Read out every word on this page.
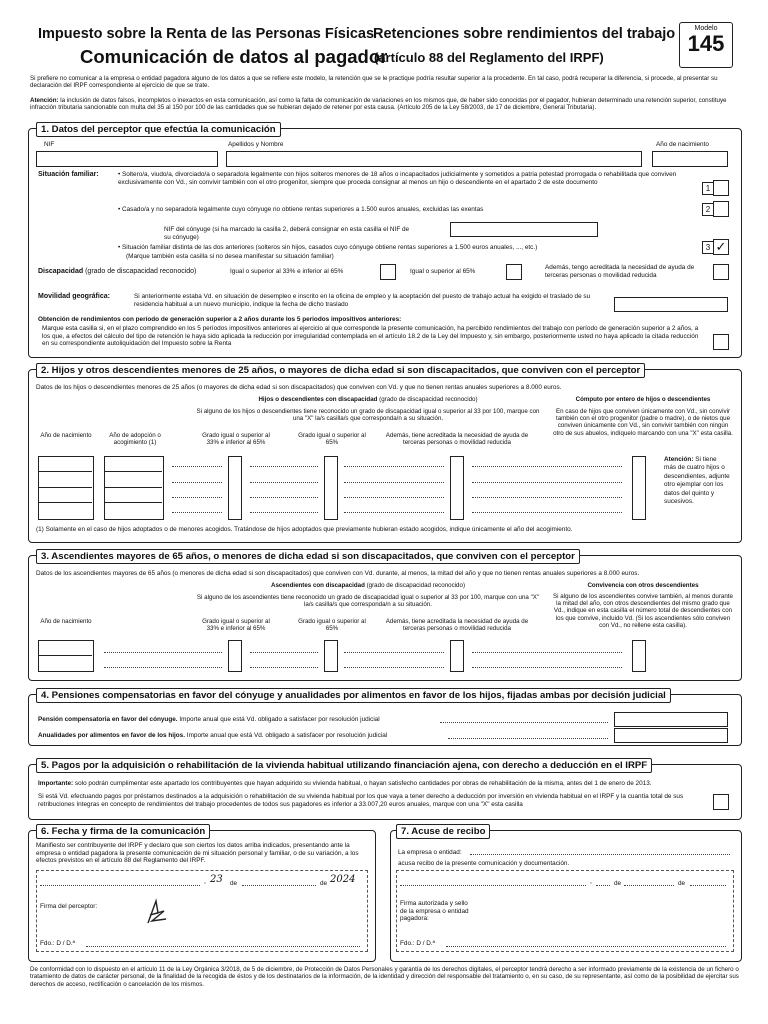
Impuesto sobre la Renta de las Personas Físicas
Retenciones sobre rendimientos del trabajo
Comunicación de datos al pagador
(artículo 88 del Reglamento del IRPF)
Modelo
145
Si prefiere no comunicar a la empresa o entidad pagadora alguno de los datos a que se refiere este modelo, la retención que se le practique podría resultar superior a la procedente. En tal caso, podrá recuperar la diferencia, si procede, al presentar su declaración del IRPF correspondiente al ejercicio de que se trate.
Atención: la inclusión de datos falsos, incompletos o inexactos en esta comunicación, así como la falta de comunicación de variaciones en los mismos que, de haber sido conocidas por el pagador, hubieran determinado una retención superior, constituye infracción tributaria sancionable con multa del 35 al 150 por 100 de las cantidades que se hubieran dejado de retener por esta causa. (Artículo 205 de la Ley 58/2003, de 17 de diciembre, General Tributaria).
1. Datos del perceptor que efectúa la comunicación
NIF	Apellidos y Nombre	Año de nacimiento
Situación familiar:
•	Soltero/a, viudo/a, divorciado/a o separado/a legalmente con hijos solteros menores de 18 años o incapacitados judicialmente y sometidos a patria potestad prorrogada o rehabilitada que conviven exclusivamente con Vd., sin convivir también con el otro progenitor, siempre que proceda consignar al menos un hijo o descendiente en el apartado 2 de este documento
1
• Casado/a y no separado/a legalmente cuyo cónyuge no obtiene rentas superiores a 1.500 euros anuales, excluidas las exentas	2
NIF del cónyuge (si ha marcado la casilla 2, deberá consignar en esta casilla el NIF de su cónyuge)
• Situación familiar distinta de las dos anteriores (solteros sin hijos, casados cuyo cónyuge obtiene rentas superiores a 1.500 euros anuales, ..., etc.)
(Marque también esta casilla si no desea manifestar su situación familiar)
3 ✓
Discapacidad (grado de discapacidad reconocido)	Igual o superior al 33% e inferior al 65%	Igual o superior al 65%
Además, tengo acreditada la necesidad de ayuda de terceras personas o movilidad reducida
Movilidad geográfica:	Si anteriormente estaba Vd. en situación de desempleo e inscrito en la oficina de empleo y la aceptación del puesto de trabajo actual ha exigido el traslado de su residencia habitual a un nuevo municipio, indique la fecha de dicho traslado
Obtención de rendimientos con período de generación superior a 2 años durante los 5 periodos impositivos anteriores:
Marque esta casilla si, en el plazo comprendido en los 5 períodos impositivos anteriores al ejercicio al que corresponde la presente comunicación, ha percibido rendimientos del trabajo con período de generación superior a 2 años, a los que, a efectos del cálculo del tipo de retención le haya sido aplicada la reducción por irregularidad contemplada en el artículo 18.2 de la Ley del Impuesto y, sin embargo, posteriormente usted no haya aplicado la citada reducción en su correspondiente autoliquidación del Impuesto sobre la Renta
2. Hijos y otros descendientes menores de 25 años, o mayores de dicha edad si son discapacitados, que conviven con el perceptor
Datos de los hijos o descendientes menores de 25 años (o mayores de dicha edad si son discapacitados) que conviven con Vd. y que no tienen rentas anuales superiores a 8.000 euros.
Hijos o descendientes con discapacidad (grado de discapacidad reconocido)
Si alguno de los hijos o descendientes tiene reconocido un grado de discapacidad igual o superior al 33 por 100, marque con una "X" la/s casilla/s que corresponda/n a su situación.
Cómputo por entero de hijos o descendientes
En caso de hijos que conviven únicamente con Vd., sin convivir también con el otro progenitor (padre o madre), o de nietos que conviven únicamente con Vd., sin convivir también con ningún otro de sus abuelos, indíquelo marcando con una "X" esta casilla.
Año de nacimiento	Año de adopción o acogimiento (1)
Grado igual o superior al 33% e inferior al 65%
Grado igual o superior al 65%
Además, tiene acreditada la necesidad de ayuda de terceras personas o movilidad reducida
Atención: Si tiene más de cuatro hijos o descendientes, adjunte otro ejemplar con los datos del quinto y sucesivos.
(1) Solamente en el caso de hijos adoptados o de menores acogidos. Tratándose de hijos adoptados que previamente hubieran estado acogidos, indique únicamente el año del acogimiento.
3. Ascendientes mayores de 65 años, o menores de dicha edad si son discapacitados, que conviven con el perceptor
Datos de los ascendientes mayores de 65 años (o menores de dicha edad si son discapacitados) que conviven con Vd. durante, al menos, la mitad del año y que no tienen rentas anuales superiores a 8.000 euros.
Ascendientes con discapacidad (grado de discapacidad reconocido)
Si alguno de los ascendientes tiene reconocido un grado de discapacidad igual o superior al 33 por 100, marque con una "X" la/s casilla/s que corresponda/n a su situación.
Convivencia con otros descendientes
Si alguno de los ascendientes convive también, al menos durante la mitad del año, con otros descendientes del mismo grado que Vd., indique en esta casilla el número total de descendientes con los que convive, incluido Vd. (Si los ascendientes sólo conviven con Vd., no rellene esta casilla).
Año de nacimiento	Grado igual o superior al 33% e inferior al 65%
Grado igual o superior al 65%
Además, tiene acreditada la necesidad de ayuda de terceras personas o movilidad reducida
4. Pensiones compensatorias en favor del cónyuge y anualidades por alimentos en favor de los hijos, fijadas ambas por decisión judicial
Pensión compensatoria en favor del cónyuge. Importe anual que está Vd. obligado a satisfacer por resolución judicial
Anualidades por alimentos en favor de los hijos. Importe anual que está Vd. obligado a satisfacer por resolución judicial
5. Pagos por la adquisición o rehabilitación de la vivienda habitual utilizando financiación ajena, con derecho a deducción en el IRPF
Importante: solo podrán cumplimentar este apartado los contribuyentes que hayan adquirido su vivienda habitual, o hayan satisfecho cantidades por obras de rehabilitación de la misma, antes del 1 de enero de 2013.
Si está Vd. efectuando pagos por préstamos destinados a la adquisición o rehabilitación de su vivienda habitual por los que vaya a tener derecho a deducción por inversión en vivienda habitual en el IRPF y la cuantía total de sus retribuciones íntegras en concepto de rendimientos del trabajo procedentes de todos sus pagadores es inferior a 33.007,20 euros anuales, marque con una "X" esta casilla
6. Fecha y firma de la comunicación
Manifiesto ser contribuyente del IRPF y declaro que son ciertos los datos arriba indicados, presentando ante la empresa o entidad pagadora la presente comunicación de mi situación personal y familiar, o de su variación, a los efectos previstos en el artículo 88 del Reglamento del IRPF.
, 23 de	de 2024
Firma del perceptor:
Fdo.: D / D.ª
7. Acuse de recibo
La empresa o entidad:
acusa recibo de la presente comunicación y documentación.
,	de	de
Firma autorizada y sello de la empresa o entidad pagadora:
Fdo.: D / D.ª
De conformidad con lo dispuesto en el artículo 11 de la Ley Orgánica 3/2018, de 5 de diciembre, de Protección de Datos Personales y garantía de los derechos digitales, el perceptor tendrá derecho a ser informado previamente de la existencia de un fichero o tratamiento de datos de carácter personal, de la finalidad de la recogida de éstos y de los destinatarios de la información, de la identidad y dirección del responsable del tratamiento o, en su caso, de su representante, así como de la posibilidad de ejercitar sus derechos de acceso, rectificación o cancelación de los mismos.
